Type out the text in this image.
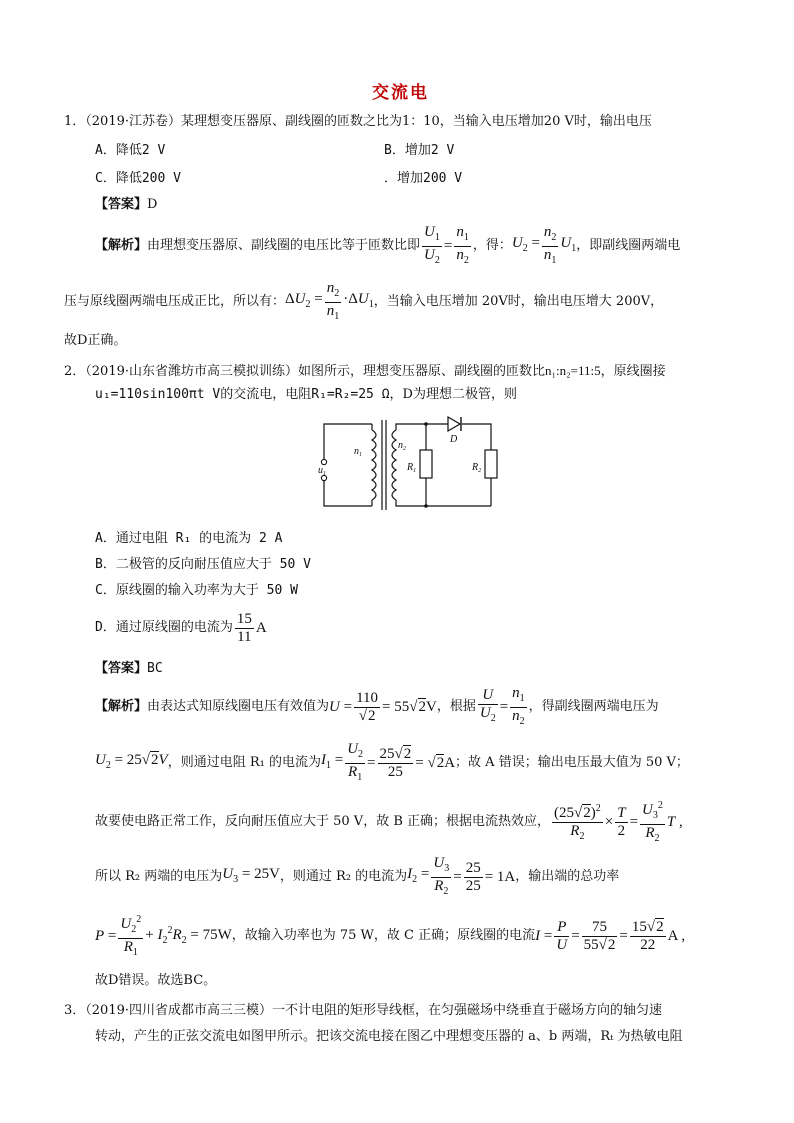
交流电
1．（2019·江苏卷）某理想变压器原、副线圈的匝数之比为1：10，当输入电压增加20 V时，输出电压
A．降低2 V	B．增加2 V
C．降低200 V	．增加200 V
【答案】D
【解析】 由理想变压器原、副线圈的电压比等于匝数比即 $\frac{U_1}{U_2} = \frac{n_1}{n_2}$ ，得： $U_2 = \frac{n_2}{n_1} U_1$ ，即副线圈两端电
压与原线圈两端电压成正比，所以有： $\Delta U_2 = \frac{n_2}{n_1} \cdot\Delta U_1$ ，当输入电压增加 20V时，输出电压增大 200V，
故D正确。
2．（2019·山东省潍坊市高三模拟训练）如图所示，理想变压器原、副线圈的匝数比n₁:n₂=11:5，原线圈接
u₁=110sin100πt V的交流电，电阻R₁=R₂=25 Ω，D为理想二极管，则
$u_1$
$n_1$
$n_2$
D
$R_1$	$R_2$
A．通过电阻 R₁ 的电流为 2 A
B．二极管的反向耐压值应大于 50 V
C．原线圈的输入功率为大于 50 W
D．通过原线圈的电流为 $\frac{15}{11}$ A
【答案】BC
【解析】 由表达式知原线圈电压有效值为 $U = \frac{110}{√2} = 55√2V$ ，根据 $\frac{U}{U_2} = \frac{n_1}{n_2}$ ，得副线圈两端电压为
$U_2 = 25√2V$ ，则通过电阻 R₁ 的电流为 $I_1 = \frac{U_2}{R_1} = \frac{25√2}{25} = √2A$ ；故 A 错误；输出电压最大值为 50 V；
故要使电路正常工作，反向耐压值应大于 50 V，故 B 正确；根据电流热效应， $\frac{(25√2)^2}{R_2} \times \frac{T}{2} = \frac{U_3^2}{R_2}$ T ,
所以 R₂ 两端的电压为 $U_3 = 25V$ ，则通过 R₂ 的电流为 $I_2 = \frac{U_3}{R_2} = \frac{25}{25} = 1A$ ，输出端的总功率
$P = \frac{U_2^2}{R_1} + I_2^2R_2 = 75W$ ，故输入功率也为 75 W，故 C 正确；原线圈的电流 $I = \frac{P}{U} = \frac{75}{55√2} = \frac{15√2}{22}$ A ,
故D错误。故选BC。
3．（2019·四川省成都市高三三模）一不计电阻的矩形导线框，在匀强磁场中绕垂直于磁场方向的轴匀速
转动，产生的正弦交流电如图甲所示。把该交流电接在图乙中理想变压器的 a、b 两端，Rₜ 为热敏电阻
